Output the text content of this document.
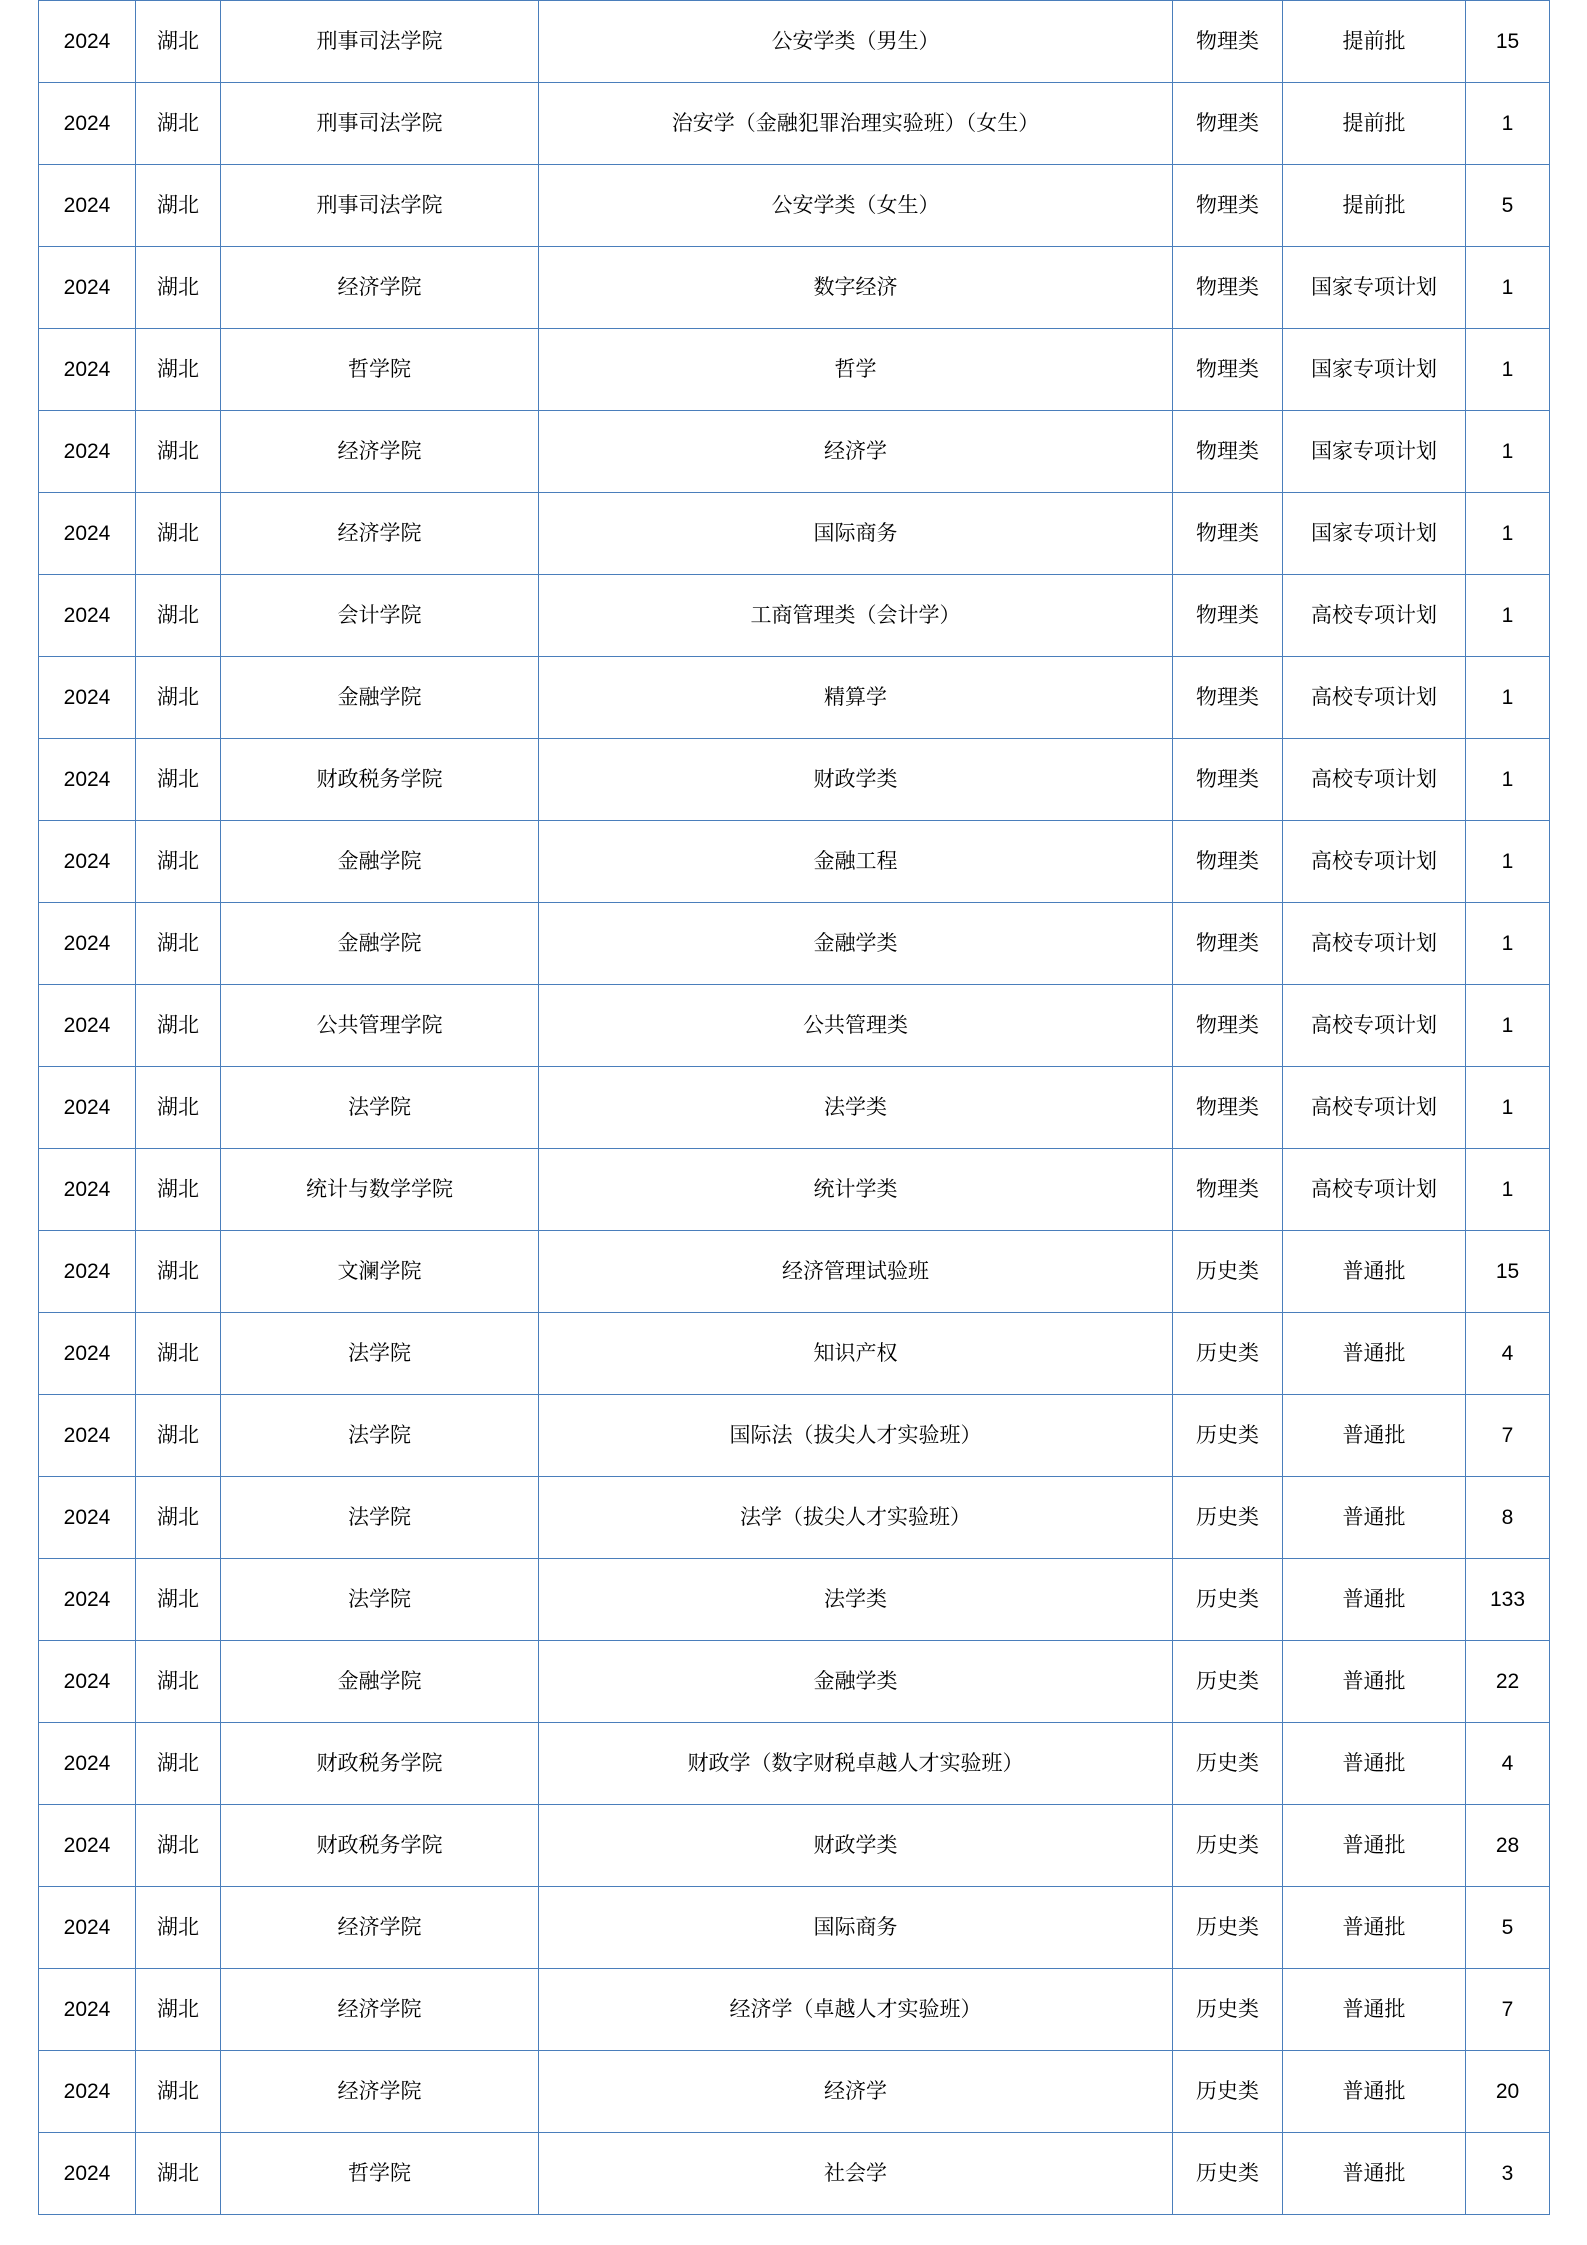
2024	湖北	刑事司法学院	公安学类（男生）	物理类	提前批	15
2024	湖北	刑事司法学院	治安学（金融犯罪治理实验班）（女生）	物理类	提前批	1
2024	湖北	刑事司法学院	公安学类（女生）	物理类	提前批	5
2024	湖北	经济学院	数字经济	物理类	国家专项计划	1
2024	湖北	哲学院	哲学	物理类	国家专项计划	1
2024	湖北	经济学院	经济学	物理类	国家专项计划	1
2024	湖北	经济学院	国际商务	物理类	国家专项计划	1
2024	湖北	会计学院	工商管理类（会计学）	物理类	高校专项计划	1
2024	湖北	金融学院	精算学	物理类	高校专项计划	1
2024	湖北	财政税务学院	财政学类	物理类	高校专项计划	1
2024	湖北	金融学院	金融工程	物理类	高校专项计划	1
2024	湖北	金融学院	金融学类	物理类	高校专项计划	1
2024	湖北	公共管理学院	公共管理类	物理类	高校专项计划	1
2024	湖北	法学院	法学类	物理类	高校专项计划	1
2024	湖北	统计与数学学院	统计学类	物理类	高校专项计划	1
2024	湖北	文澜学院	经济管理试验班	历史类	普通批	15
2024	湖北	法学院	知识产权	历史类	普通批	4
2024	湖北	法学院	国际法（拔尖人才实验班）	历史类	普通批	7
2024	湖北	法学院	法学（拔尖人才实验班）	历史类	普通批	8
2024	湖北	法学院	法学类	历史类	普通批	133
2024	湖北	金融学院	金融学类	历史类	普通批	22
2024	湖北	财政税务学院	财政学（数字财税卓越人才实验班）	历史类	普通批	4
2024	湖北	财政税务学院	财政学类	历史类	普通批	28
2024	湖北	经济学院	国际商务	历史类	普通批	5
2024	湖北	经济学院	经济学（卓越人才实验班）	历史类	普通批	7
2024	湖北	经济学院	经济学	历史类	普通批	20
2024	湖北	哲学院	社会学	历史类	普通批	3
